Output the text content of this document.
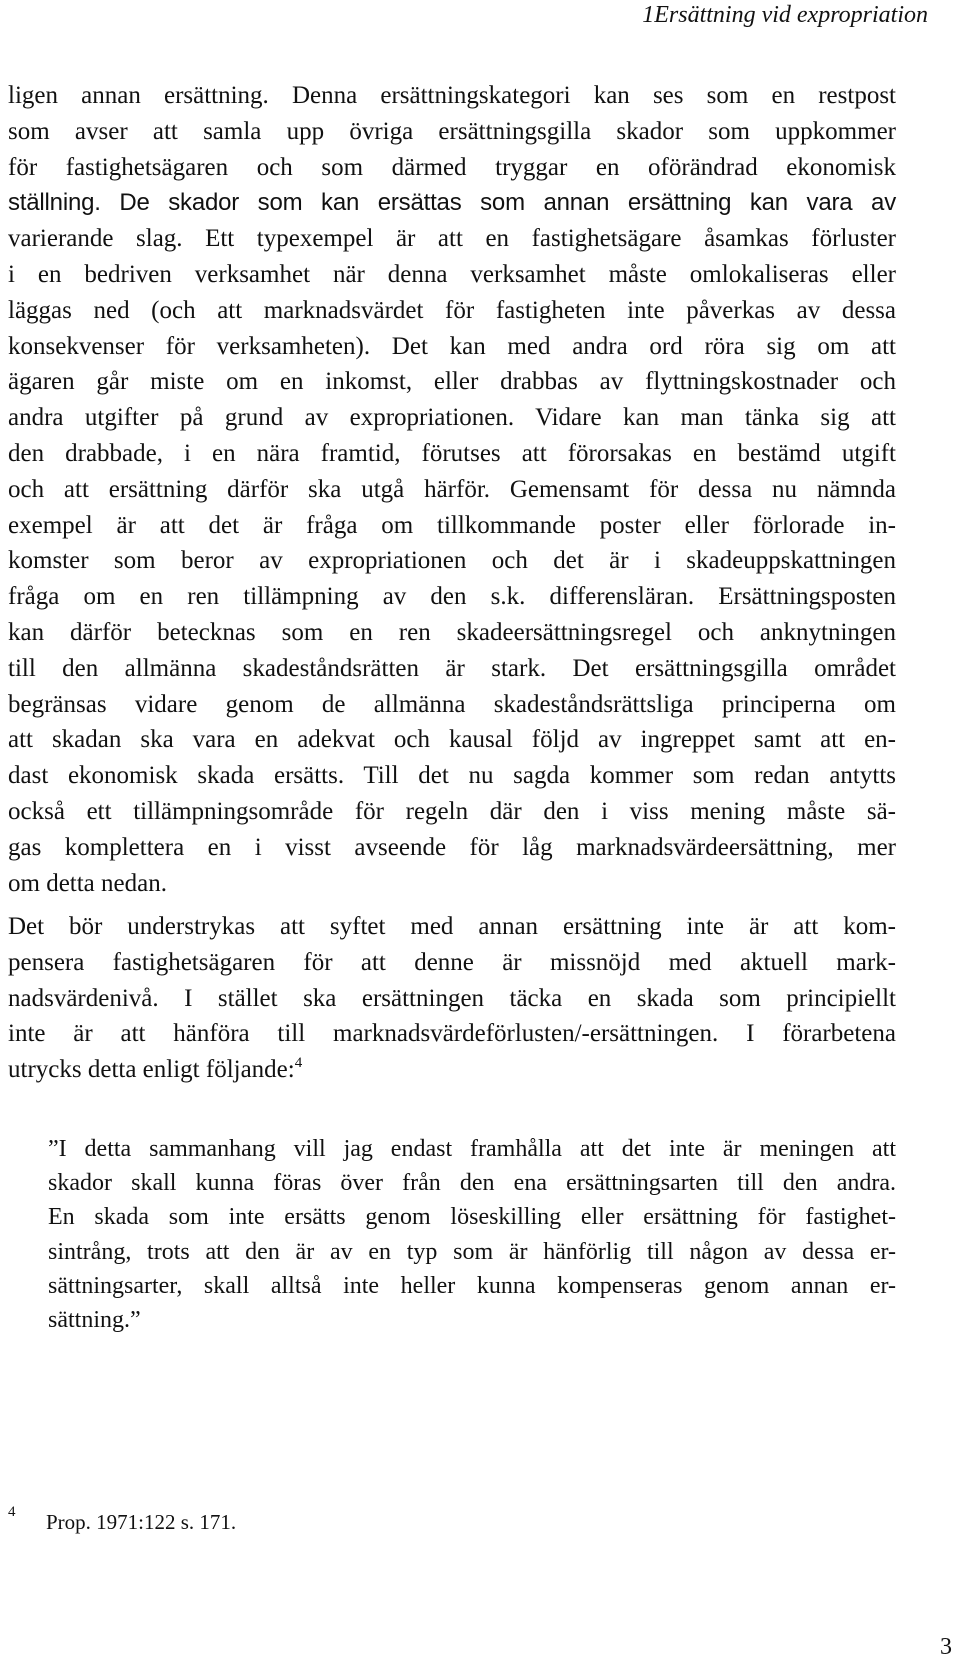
1Ersättning vid expropriation
ligen annan ersättning. Denna ersättningskategori kan ses som en restpost
som avser att samla upp övriga ersättningsgilla skador som uppkommer
för fastighetsägaren och som därmed tryggar en oförändrad ekonomisk
ställning. De skador som kan ersättas som annan ersättning kan vara av
varierande slag. Ett typexempel är att en fastighetsägare åsamkas förluster
i en bedriven verksamhet när denna verksamhet måste omlokaliseras eller
läggas ned (och att marknadsvärdet för fastigheten inte påverkas av dessa
konsekvenser för verksamheten). Det kan med andra ord röra sig om att
ägaren går miste om en inkomst, eller drabbas av flyttningskostnader och
andra utgifter på grund av expropriationen. Vidare kan man tänka sig att
den drabbade, i en nära framtid, förutses att förorsakas en bestämd utgift
och att ersättning därför ska utgå härför. Gemensamt för dessa nu nämnda
exempel är att det är fråga om tillkommande poster eller förlorade in-
komster som beror av expropriationen och det är i skadeuppskattningen
fråga om en ren tillämpning av den s.k. differensläran. Ersättningsposten
kan därför betecknas som en ren skadeersättningsregel och anknytningen
till den allmänna skadeståndsrätten är stark. Det ersättningsgilla området
begränsas vidare genom de allmänna skadeståndsrättsliga principerna om
att skadan ska vara en adekvat och kausal följd av ingreppet samt att en-
dast ekonomisk skada ersätts. Till det nu sagda kommer som redan antytts
också ett tillämpningsområde för regeln där den i viss mening måste sä-
gas komplettera en i visst avseende för låg marknadsvärdeersättning, mer
om detta nedan.
Det bör understrykas att syftet med annan ersättning inte är att kom-
pensera fastighetsägaren för att denne är missnöjd med aktuell mark-
nadsvärdenivå. I stället ska ersättningen täcka en skada som principiellt
inte är att hänföra till marknadsvärdeförlusten/-ersättningen. I förarbetena
utrycks detta enligt följande:$^4$
”I detta sammanhang vill jag endast framhålla att det inte är meningen att
skador skall kunna föras över från den ena ersättningsarten till den andra.
En skada som inte ersätts genom löseskilling eller ersättning för fastighet-
sintrång, trots att den är av en typ som är hänförlig till någon av dessa er-
sättningsarter, skall alltså inte heller kunna kompenseras genom annan er-
sättning.”
4 Prop. 1971:122 s. 171.
3
